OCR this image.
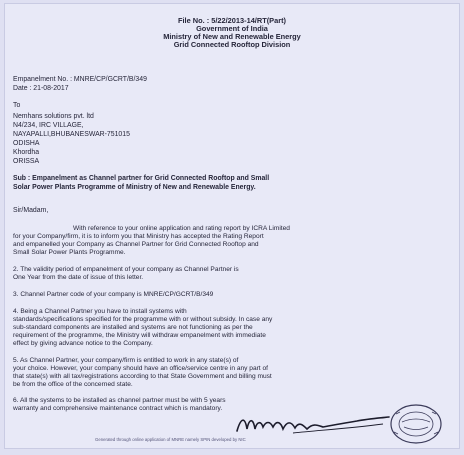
File No. : 5/22/2013-14/RT(Part)

Government of India

Ministry of New and Renewable Energy

Grid Connected Rooftop Division

Empanelment No. : MNRE/CP/GCRT/B/349

Date : 21-08-2017

To

Nemhans solutions pvt. ltd

N4/234, IRC VILLAGE,

NAYAPALLI,BHUBANESWAR-751015

ODISHA

Khordha

ORISSA

Sub : Empanelment as Channel partner for Grid Connected Rooftop and Small

Solar Power Plants Programme of Ministry of New and Renewable Energy.

Sir/Madam,

With reference to your online application and rating report by ICRA Limited

for your Company/firm, it is to inform you that Ministry has accepted the Rating Report

and empanelled your Company as Channel Partner for Grid Connected Rooftop and

Small Solar Power Plants Programme.

2. The validity period of empanelment of your company as Channel Partner is

One Year from the date of issue of this letter.

3. Channel Partner code of your company is MNRE/CP/GCRT/B/349

4. Being a Channel Partner you have to install systems with

standards/specifications specified for the programme with or without subsidy. In case any

sub-standard components are installed and systems are not functioning as per the

requirement of the programme, the Ministry will withdraw empanelment with immediate

effect by giving advance notice to the Company.

5. As Channel Partner, your company/firm is entitled to work in any state(s) of

your choice. However, your company should have an office/service centre in any part of

that state(s) with all tax/registrations according to that State Government and billing must

be from the office of the concerned state.

6. All the systems to be installed as channel partner must be with 5 years

warranty and comprehensive maintenance contract which is mandatory.

Generated through online application of MNRE namely SPIN developed by NIC
